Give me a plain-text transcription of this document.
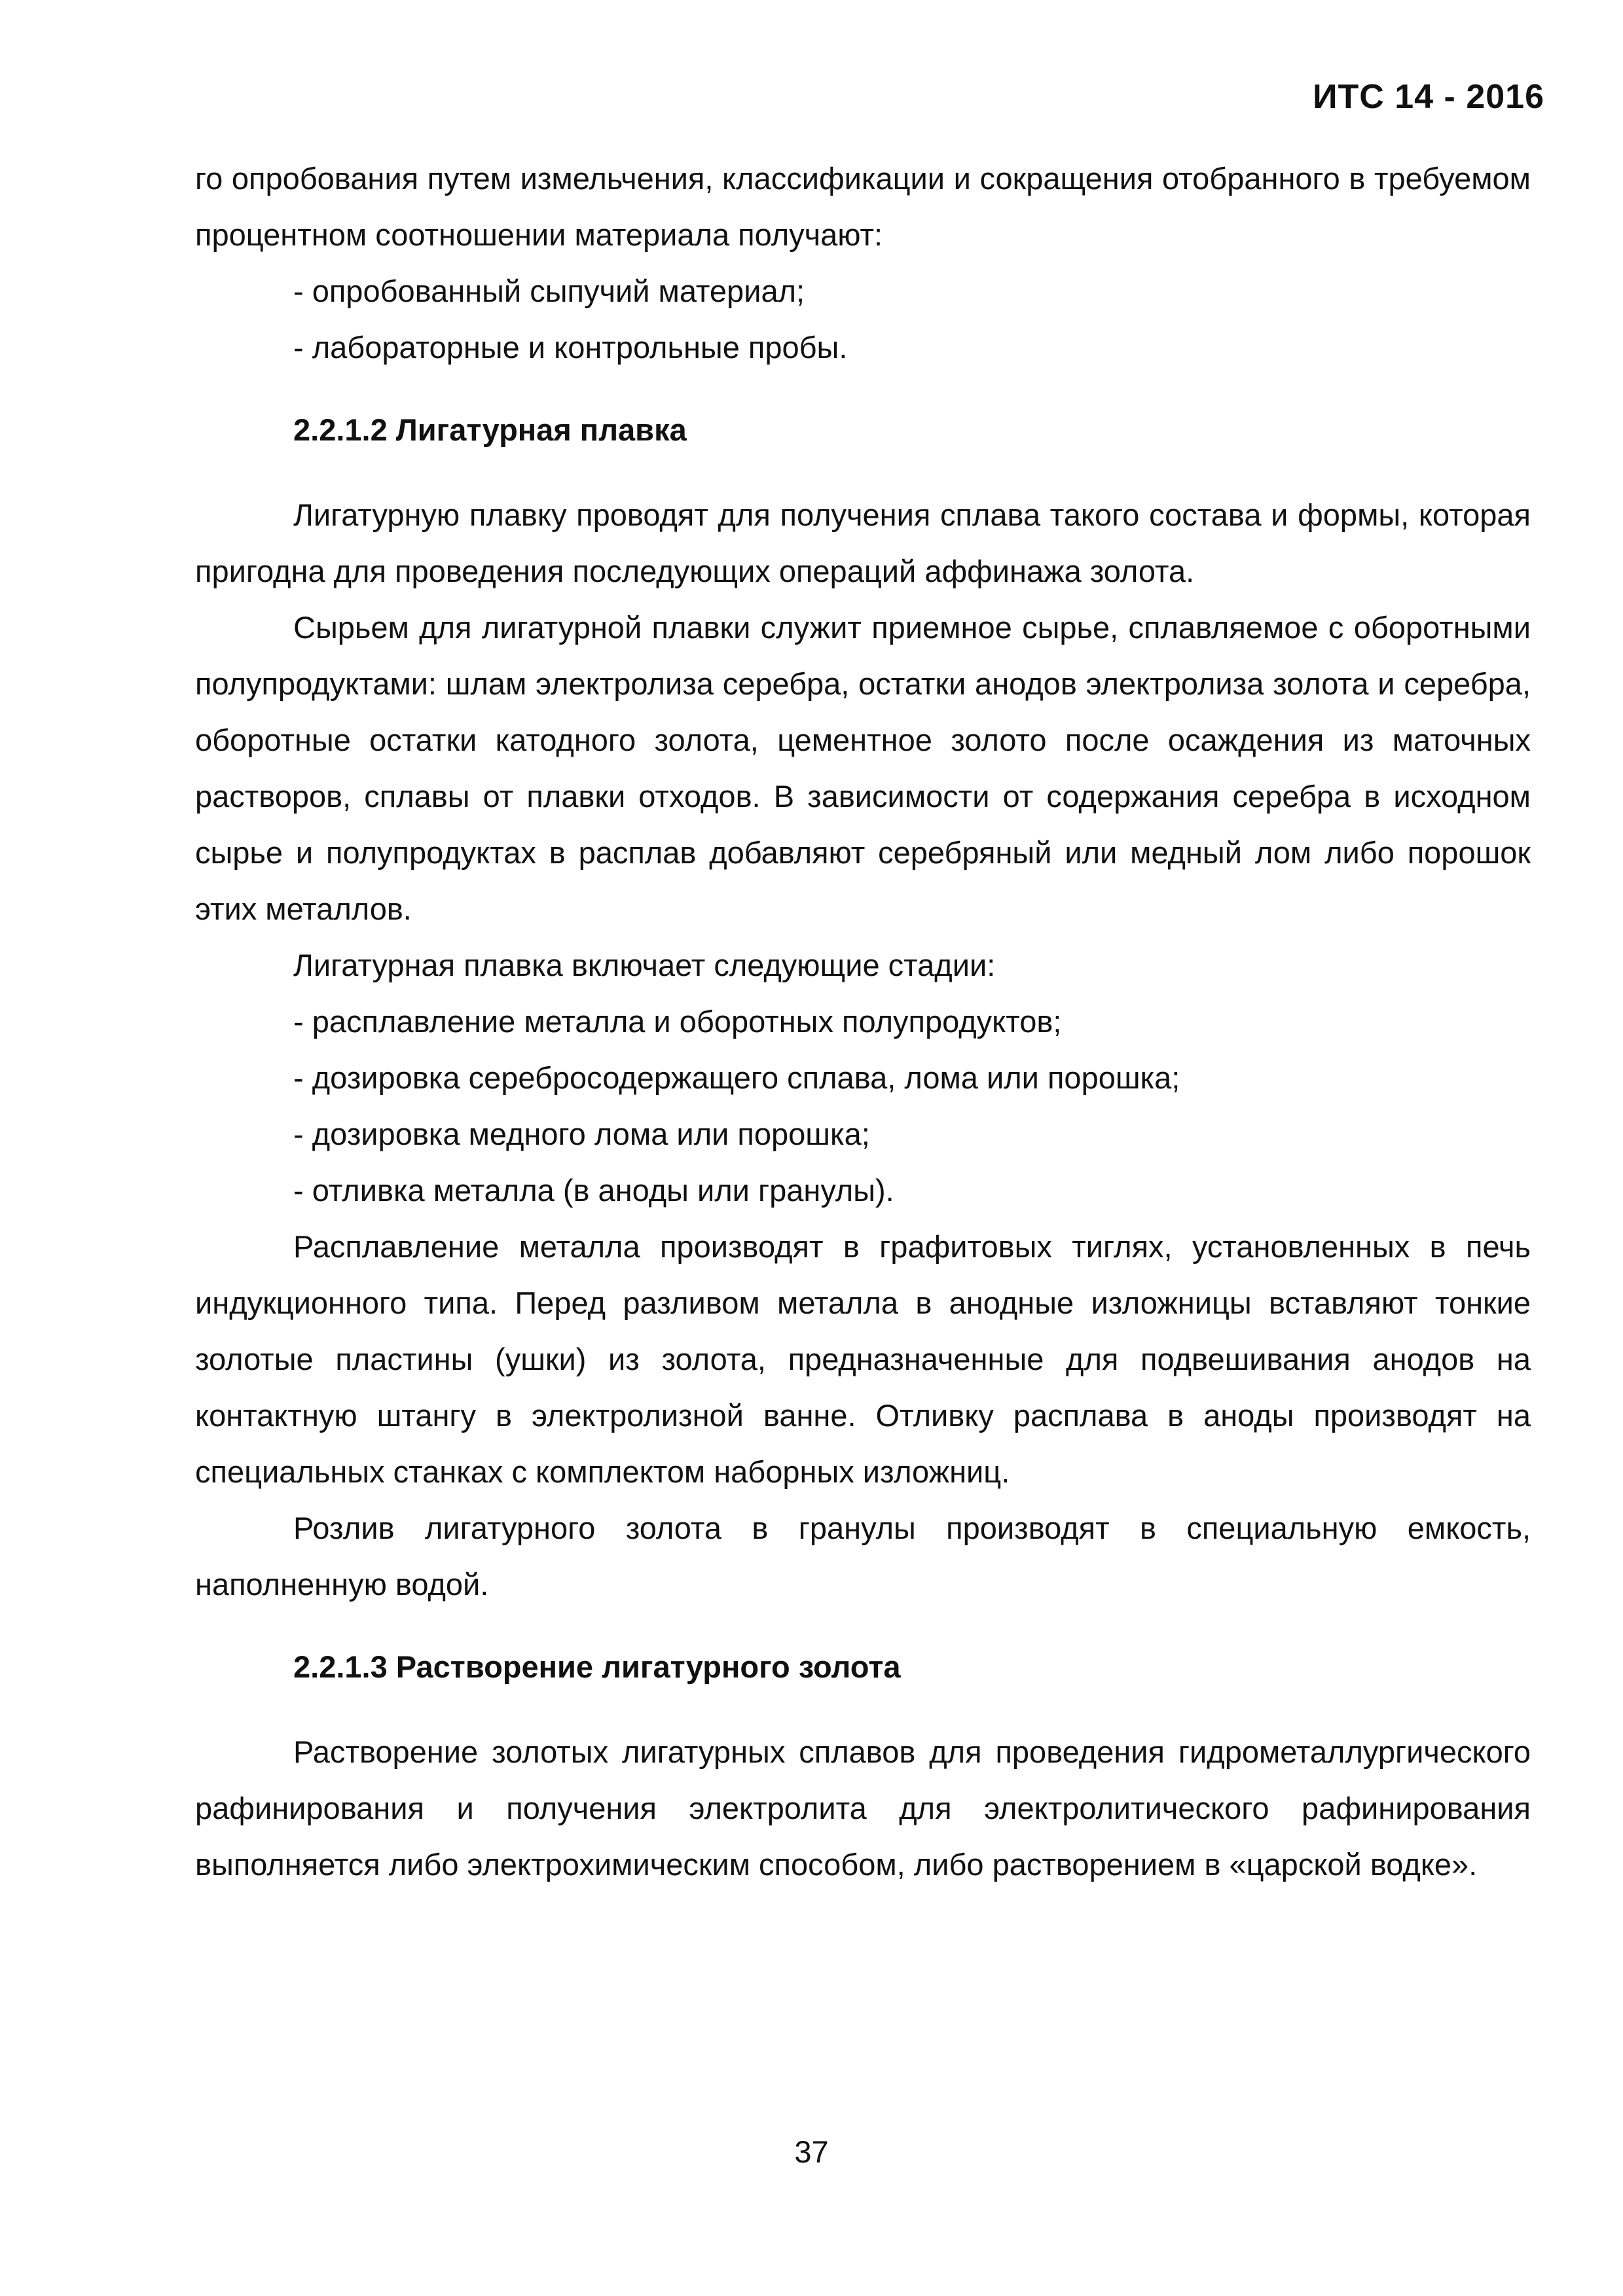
ИТС 14 - 2016

го опробования путем измельчения, классификации и сокращения отобранного в требуемом процентном соотношении материала получают:

- опробованный сыпучий материал;

- лабораторные и контрольные пробы.

2.2.1.2 Лигатурная плавка

Лигатурную плавку проводят для получения сплава такого состава и формы, которая пригодна для проведения последующих операций аффинажа золота.

Сырьем для лигатурной плавки служит приемное сырье, сплавляемое с оборотными полупродуктами: шлам электролиза серебра, остатки анодов электролиза золота и серебра, оборотные остатки катодного золота, цементное золото после осаждения из маточных растворов, сплавы от плавки отходов. В зависимости от содержания серебра в исходном сырье и полупродуктах в расплав добавляют серебряный или медный лом либо порошок этих металлов.

Лигатурная плавка включает следующие стадии:

- расплавление металла и оборотных полупродуктов;

- дозировка серебросодержащего сплава, лома или порошка;

- дозировка медного лома или порошка;

- отливка металла (в аноды или гранулы).

Расплавление металла производят в графитовых тиглях, установленных в печь индукционного типа. Перед разливом металла в анодные изложницы вставляют тонкие золотые пластины (ушки) из золота, предназначенные для подвешивания анодов на контактную штангу в электролизной ванне. Отливку расплава в аноды производят на специальных станках с комплектом наборных изложниц.

Розлив лигатурного золота в гранулы производят в специальную емкость, наполненную водой.

2.2.1.3 Растворение лигатурного золота

Растворение золотых лигатурных сплавов для проведения гидрометаллургического рафинирования и получения электролита для электролитического рафинирования выполняется либо электрохимическим способом, либо растворением в «царской водке».

37
